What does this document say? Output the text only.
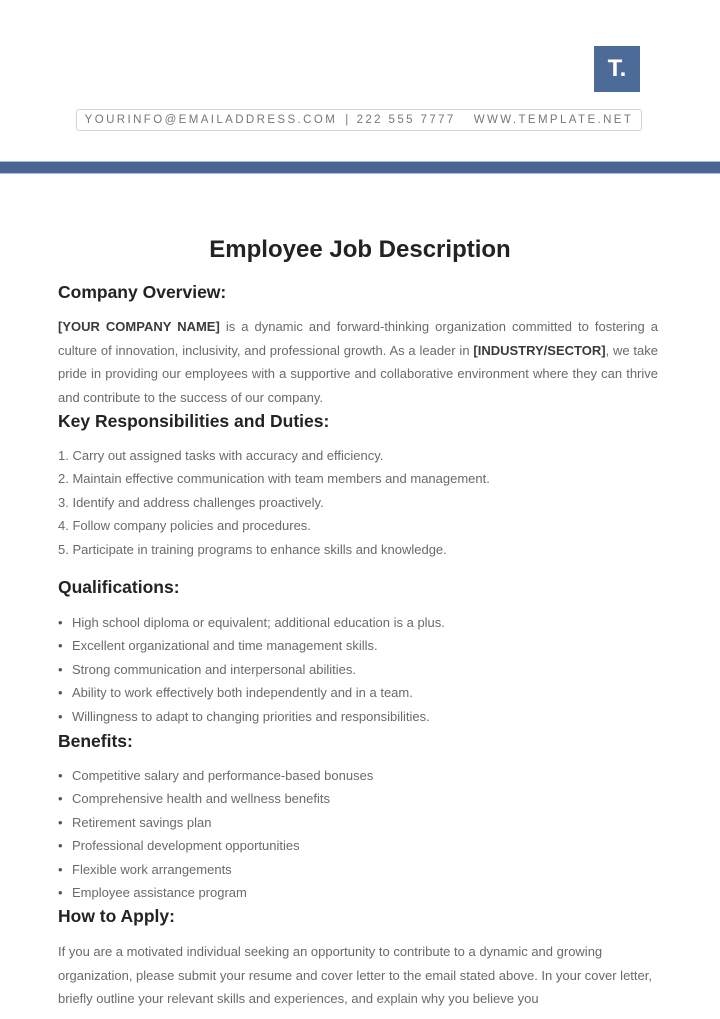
T.
YOURINFO@EMAILADDRESS.COM | 222 555 7777 WWW.TEMPLATE.NET
Employee Job Description
Company Overview:

[YOUR COMPANY NAME] is a dynamic and forward-thinking organization committed to fostering a culture of innovation, inclusivity, and professional growth. As a leader in [INDUSTRY/SECTOR], we take pride in providing our employees with a supportive and collaborative environment where they can thrive and contribute to the success of our company.

Key Responsibilities and Duties:
1. Carry out assigned tasks with accuracy and efficiency.
2. Maintain effective communication with team members and management.
3. Identify and address challenges proactively.
4. Follow company policies and procedures.
5. Participate in training programs to enhance skills and knowledge.
Qualifications:
• High school diploma or equivalent; additional education is a plus.
• Excellent organizational and time management skills.
• Strong communication and interpersonal abilities.
• Ability to work effectively both independently and in a team.
• Willingness to adapt to changing priorities and responsibilities.
Benefits:
• Competitive salary and performance-based bonuses
• Comprehensive health and wellness benefits
• Retirement savings plan
• Professional development opportunities
• Flexible work arrangements
• Employee assistance program
How to Apply:

If you are a motivated individual seeking an opportunity to contribute to a dynamic and growing organization, please submit your resume and cover letter to the email stated above. In your cover letter, briefly outline your relevant skills and experiences, and explain why you believe you
